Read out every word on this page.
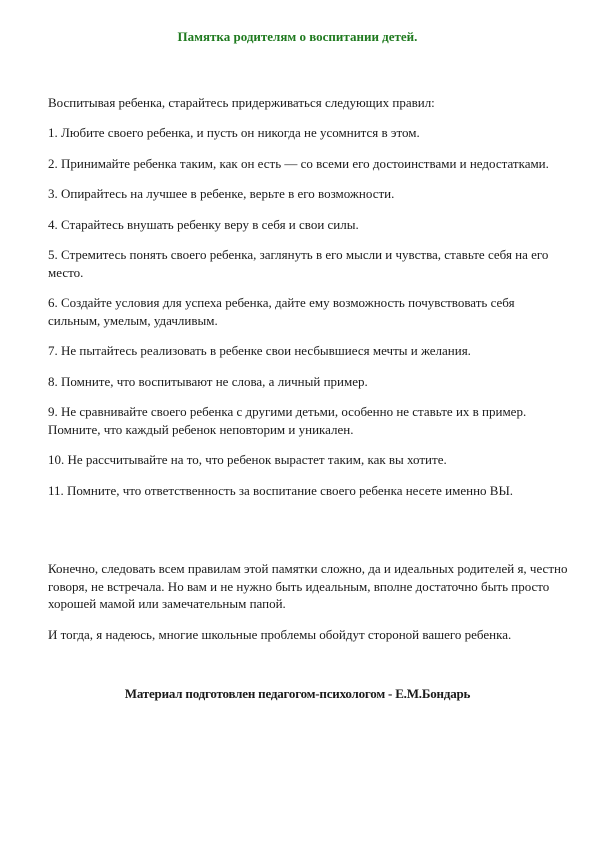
Памятка родителям о воспитании детей.
Воспитывая ребенка, старайтесь придерживаться следующих правил:
1. Любите своего ребенка, и пусть он никогда не усомнится в этом.
2. Принимайте ребенка таким, как он есть — со всеми его достоинствами и недостатками.
3. Опирайтесь на лучшее в ребенке, верьте в его возможности.
4. Старайтесь внушать ребенку веру в себя и свои силы.
5. Стремитесь понять своего ребенка, заглянуть в его мысли и чувства, ставьте себя на его место.
6. Создайте условия для успеха ребенка, дайте ему возможность почувствовать себя сильным, умелым, удачливым.
7. Не пытайтесь реализовать в ребенке свои несбывшиеся мечты и желания.
8. Помните, что воспитывают не слова, а личный пример.
9. Не сравнивайте своего ребенка с другими детьми, особенно не ставьте их в пример. Помните, что каждый ребенок неповторим и уникален.
10. Не рассчитывайте на то, что ребенок вырастет таким, как вы хотите.
11. Помните, что ответственность за воспитание своего ребенка несете именно ВЫ.

Конечно, следовать всем правилам этой памятки сложно, да и идеальных родителей я, честно говоря, не встречала. Но вам и не нужно быть идеальным, вполне достаточно быть просто хорошей мамой или замечательным папой.

И тогда, я надеюсь, многие школьные проблемы обойдут стороной вашего ребенка.

Материал подготовлен педагогом-психологом - Е.М.Бондарь
